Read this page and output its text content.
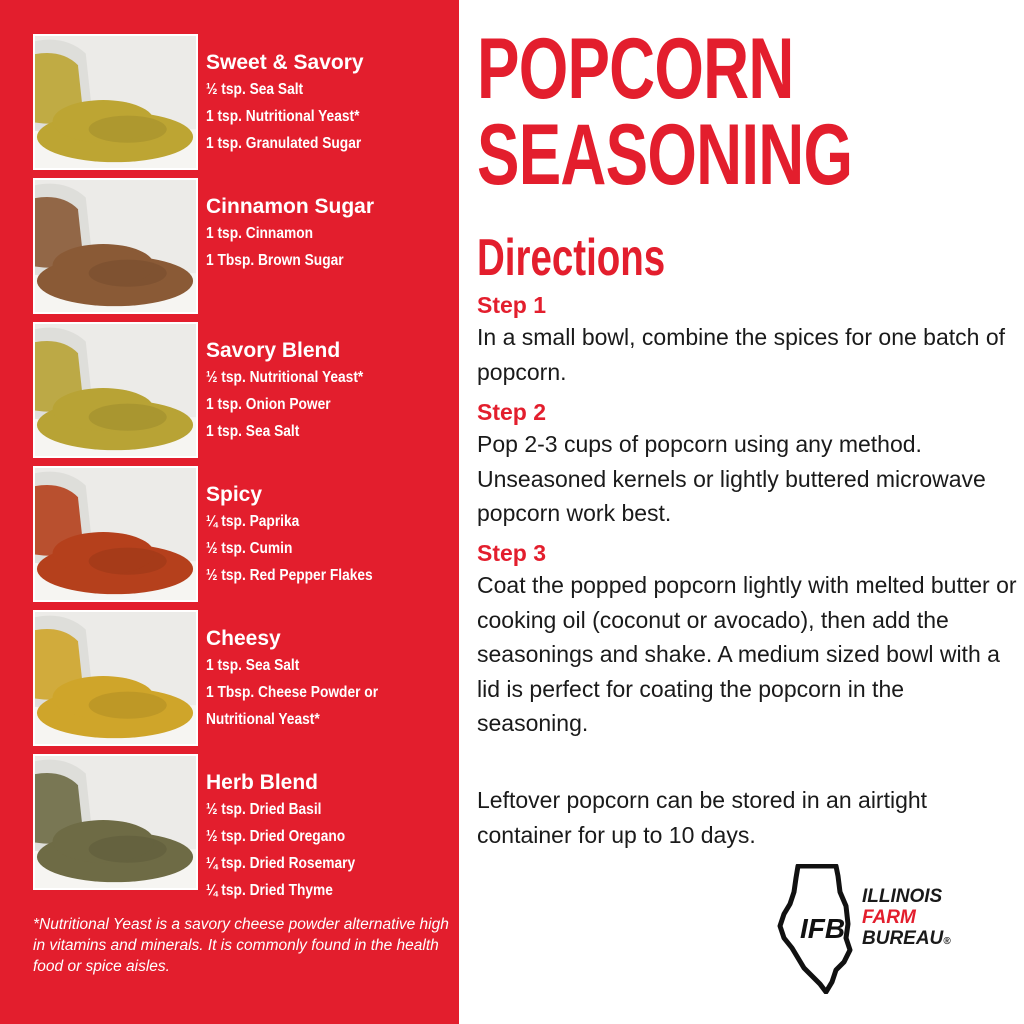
Sweet & Savory
½ tsp. Sea Salt
1 tsp. Nutritional Yeast*
1 tsp. Granulated Sugar
Cinnamon Sugar
1 tsp. Cinnamon
1 Tbsp. Brown Sugar
Savory Blend
½ tsp. Nutritional Yeast*
1 tsp. Onion Power
1 tsp. Sea Salt
Spicy
¼ tsp. Paprika
½ tsp. Cumin
½ tsp. Red Pepper Flakes
Cheesy
1 tsp. Sea Salt
1 Tbsp. Cheese Powder or
Nutritional Yeast*
Herb Blend
½ tsp. Dried Basil
½ tsp. Dried Oregano
¼ tsp. Dried Rosemary
¼ tsp. Dried Thyme
*Nutritional Yeast is a savory cheese powder alternative high in vitamins and minerals. It is commonly found in the health food or spice aisles.
POPCORN
SEASONING
Directions
Step 1
In a small bowl, combine the spices for one batch of popcorn.
Step 2
Pop 2-3 cups of popcorn using any method. Unseasoned kernels or lightly buttered microwave popcorn work best.
Step 3
Coat the popped popcorn lightly with melted butter or cooking oil (coconut or avocado), then add the seasonings and shake. A medium sized bowl with a lid is perfect for coating the popcorn in the seasoning.
Leftover popcorn can be stored in an airtight container for up to 10 days.
IFB
ILLINOIS
FARM
BUREAU®
